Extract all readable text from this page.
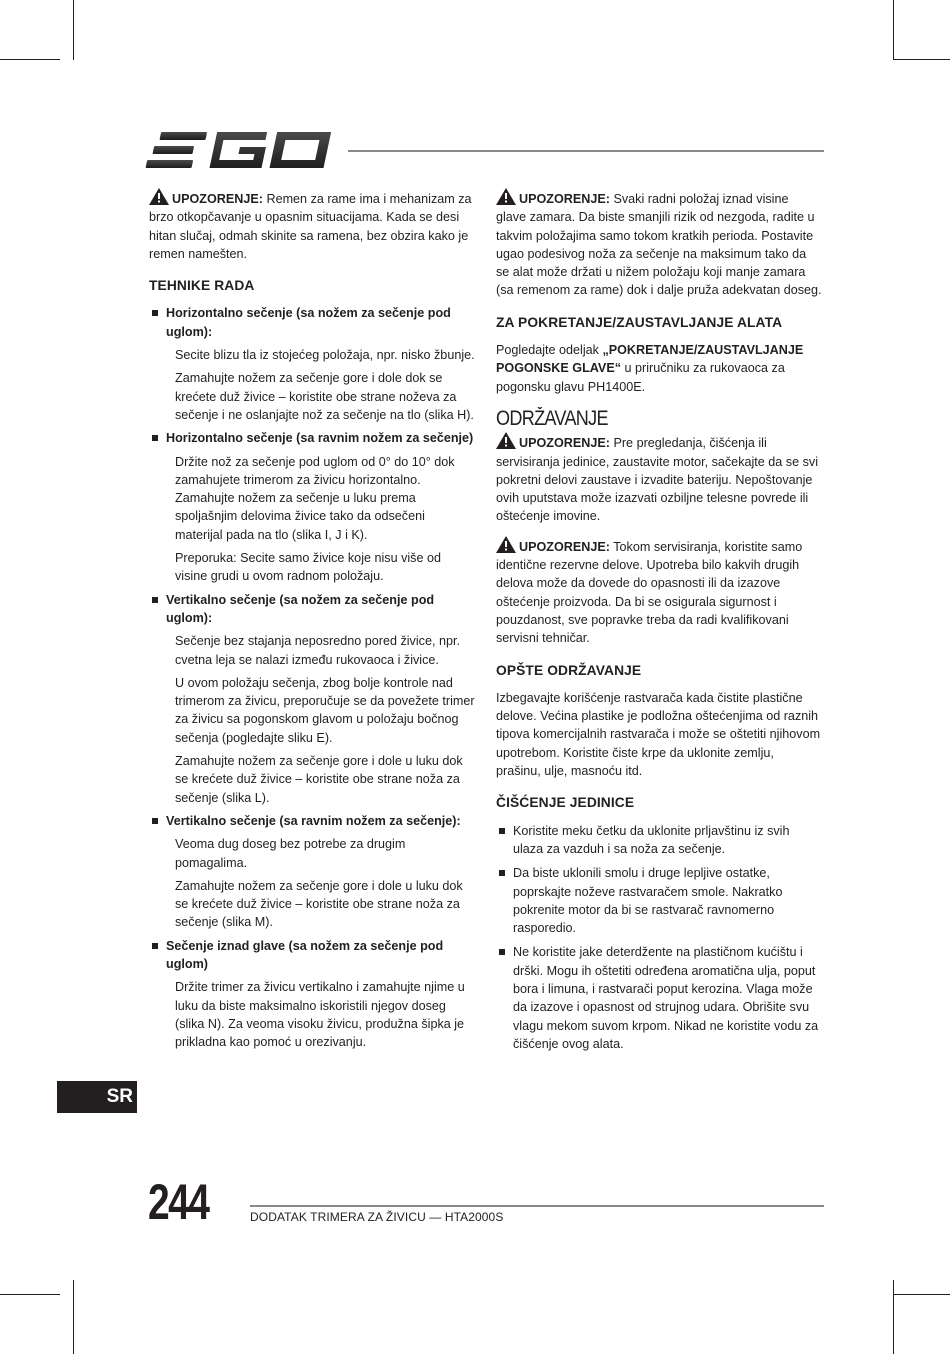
EGO

UPOZORENJE: Remen za rame ima i mehanizam za brzo otkopčavanje u opasnim situacijama. Kada se desi hitan slučaj, odmah skinite sa ramena, bez obzira kako je remen namešten.

TEHNIKE RADA

Horizontalno sečenje (sa nožem za sečenje pod uglom):

Secite blizu tla iz stojećeg položaja, npr. nisko žbunje.

Zamahujte nožem za sečenje gore i dole dok se krećete duž živice – koristite obe strane noževa za sečenje i ne oslanjajte nož za sečenje na tlo (slika H).

Horizontalno sečenje (sa ravnim nožem za sečenje)

Držite nož za sečenje pod uglom od 0° do 10° dok zamahujete trimerom za živicu horizontalno. Zamahujte nožem za sečenje u luku prema spoljašnjim delovima živice tako da odsečeni materijal pada na tlo (slika I, J i K).

Preporuka: Secite samo živice koje nisu više od visine grudi u ovom radnom položaju.

Vertikalno sečenje (sa nožem za sečenje pod uglom):

Sečenje bez stajanja neposredno pored živice, npr. cvetna leja se nalazi između rukovaoca i živice.

U ovom položaju sečenja, zbog bolje kontrole nad trimerom za živicu, preporučuje se da povežete trimer za živicu sa pogonskom glavom u položaju bočnog sečenja (pogledajte sliku E).

Zamahujte nožem za sečenje gore i dole u luku dok se krećete duž živice – koristite obe strane noža za sečenje (slika L).

Vertikalno sečenje (sa ravnim nožem za sečenje):

Veoma dug doseg bez potrebe za drugim pomagalima.

Zamahujte nožem za sečenje gore i dole u luku dok se krećete duž živice – koristite obe strane noža za sečenje (slika M).

Sečenje iznad glave (sa nožem za sečenje pod uglom)

Držite trimer za živicu vertikalno i zamahujte njime u luku da biste maksimalno iskoristili njegov doseg (slika N). Za veoma visoku živicu, produžna šipka je prikladna kao pomoć u orezivanju.

UPOZORENJE: Svaki radni položaj iznad visine glave zamara. Da biste smanjili rizik od nezgoda, radite u takvim položajima samo tokom kratkih perioda. Postavite ugao podesivog noža za sečenje na maksimum tako da se alat može držati u nižem položaju koji manje zamara (sa remenom za rame) dok i dalje pruža adekvatan doseg.

ZA POKRETANJE/ZAUSTAVLJANJE ALATA

Pogledajte odeljak „POKRETANJE/ZAUSTAVLJANJE POGONSKE GLAVE“ u priručniku za rukovaoca za pogonsku glavu PH1400E.

ODRŽAVANJE

UPOZORENJE: Pre pregledanja, čišćenja ili servisiranja jedinice, zaustavite motor, sačekajte da se svi pokretni delovi zaustave i izvadite bateriju. Nepoštovanje ovih uputstava može izazvati ozbiljne telesne povrede ili oštećenje imovine.

UPOZORENJE: Tokom servisiranja, koristite samo identične rezervne delove. Upotreba bilo kakvih drugih delova može da dovede do opasnosti ili da izazove oštećenje proizvoda. Da bi se osigurala sigurnost i pouzdanost, sve popravke treba da radi kvalifikovani servisni tehničar.

OPŠTE ODRŽAVANJE

Izbegavajte korišćenje rastvarača kada čistite plastične delove. Većina plastike je podložna oštećenjima od raznih tipova komercijalnih rastvarača i može se oštetiti njihovom upotrebom. Koristite čiste krpe da uklonite zemlju, prašinu, ulje, masnoću itd.

ČIŠĆENJE JEDINICE

Koristite meku četku da uklonite prljavštinu iz svih ulaza za vazduh i sa noža za sečenje.

Da biste uklonili smolu i druge lepljive ostatke, poprskajte noževe rastvaračem smole. Nakratko pokrenite motor da bi se rastvarač ravnomerno rasporedio.

Ne koristite jake deterdžente na plastičnom kućištu i drški. Mogu ih oštetiti određena aromatična ulja, poput bora i limuna, i rastvarači poput kerozina. Vlaga može da izazove i opasnost od strujnog udara. Obrišite svu vlagu mekom suvom krpom. Nikad ne koristite vodu za čišćenje ovog alata.

SR
244	DODATAK TRIMERA ZA ŽIVICU — HTA2000S
